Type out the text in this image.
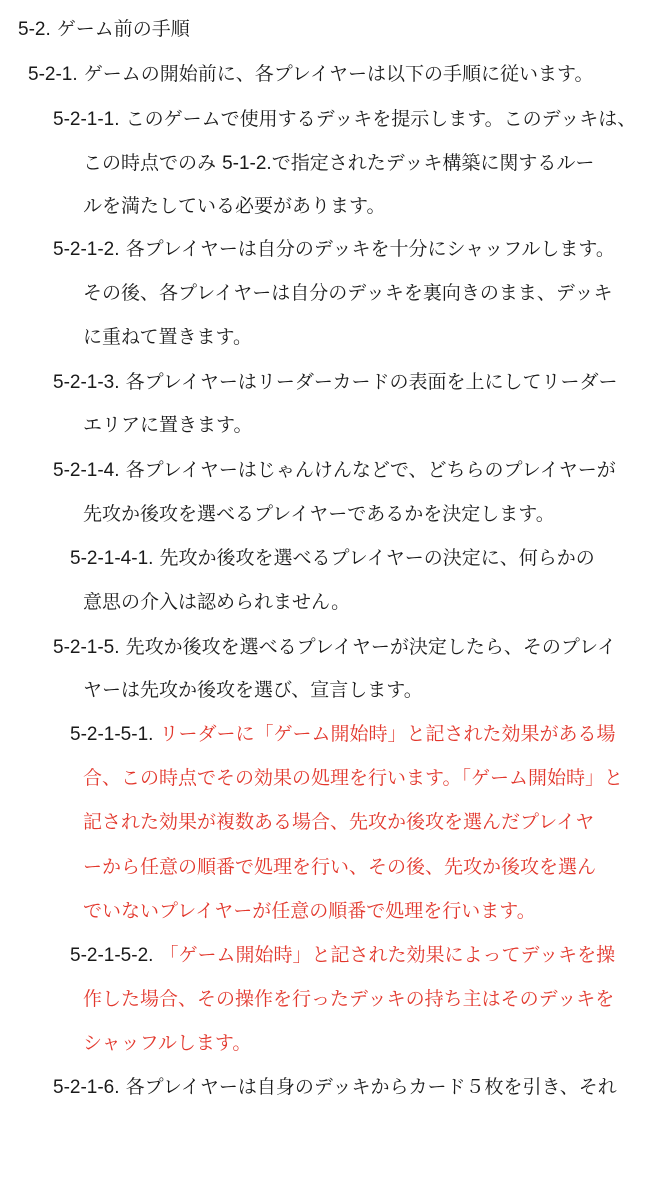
5-2. ゲーム前の手順
5-2-1. ゲームの開始前に、各プレイヤーは以下の手順に従います。
5-2-1-1. このゲームで使用するデッキを提示します。このデッキは、
この時点でのみ 5-1-2.で指定されたデッキ構築に関するルー
ルを満たしている必要があります。
5-2-1-2. 各プレイヤーは自分のデッキを十分にシャッフルします。
その後、各プレイヤーは自分のデッキを裏向きのまま、デッキ
に重ねて置きます。
5-2-1-3. 各プレイヤーはリーダーカードの表面を上にしてリーダー
エリアに置きます。
5-2-1-4. 各プレイヤーはじゃんけんなどで、どちらのプレイヤーが
先攻か後攻を選べるプレイヤーであるかを決定します。
5-2-1-4-1. 先攻か後攻を選べるプレイヤーの決定に、何らかの
意思の介入は認められません。
5-2-1-5. 先攻か後攻を選べるプレイヤーが決定したら、そのプレイ
ヤーは先攻か後攻を選び、宣言します。
5-2-1-5-1. リーダーに「ゲーム開始時」と記された効果がある場
合、この時点でその効果の処理を行います。「ゲーム開始時」と
記された効果が複数ある場合、先攻か後攻を選んだプレイヤ
ーから任意の順番で処理を行い、その後、先攻か後攻を選ん
でいないプレイヤーが任意の順番で処理を行います。
5-2-1-5-2. 「ゲーム開始時」と記された効果によってデッキを操
作した場合、その操作を行ったデッキの持ち主はそのデッキを
シャッフルします。
5-2-1-6. 各プレイヤーは自身のデッキからカード５枚を引き、それ
